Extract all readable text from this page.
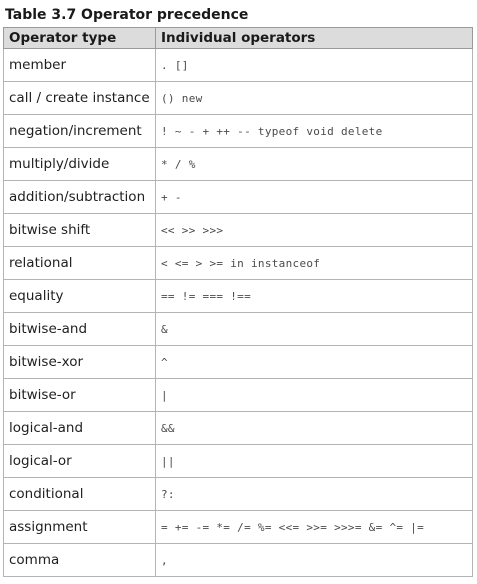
Table 3.7 Operator precedence
Operator type	Individual operators
member	. []
call / create instance	() new
negation/increment	! ~ - + ++ -- typeof void delete
multiply/divide	* / %
addition/subtraction	+ -
bitwise shift	<< >> >>>
relational	< <= > >= in instanceof
equality	== != === !==
bitwise-and	&
bitwise-xor	^
bitwise-or	|
logical-and	&&
logical-or	||
conditional	?:
assignment	= += -= *= /= %= <<= >>= >>>= &= ^= |=
comma	,
